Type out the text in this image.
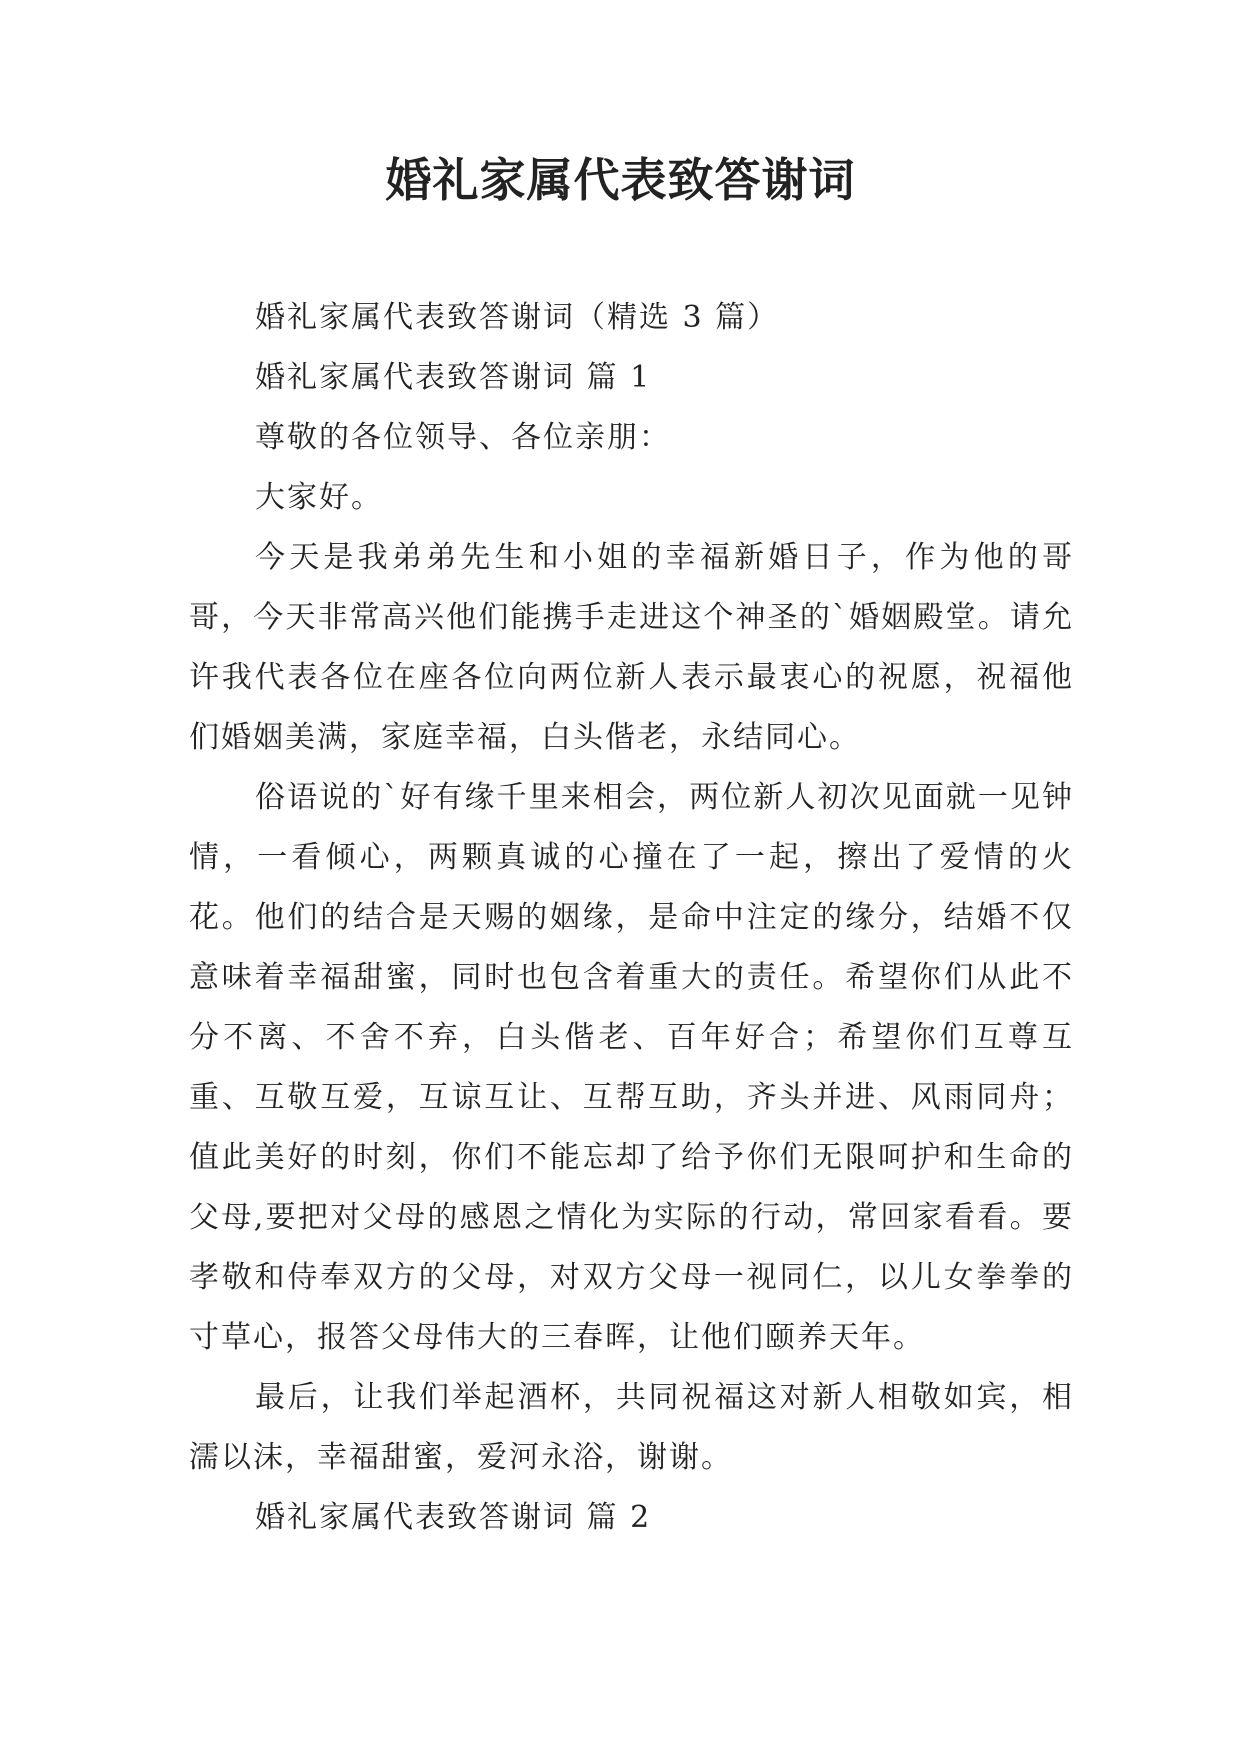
婚礼家属代表致答谢词

婚礼家属代表致答谢词（精选 3 篇）

婚礼家属代表致答谢词 篇 1

尊敬的各位领导、各位亲朋：

大家好。

今天是我弟弟先生和小姐的幸福新婚日子，作为他的哥哥，今天非常高兴他们能携手走进这个神圣的`婚姻殿堂。请允许我代表各位在座各位向两位新人表示最衷心的祝愿，祝福他们婚姻美满，家庭幸福，白头偕老，永结同心。

俗语说的`好有缘千里来相会，两位新人初次见面就一见钟情，一看倾心，两颗真诚的心撞在了一起，擦出了爱情的火花。他们的结合是天赐的姻缘，是命中注定的缘分，结婚不仅意味着幸福甜蜜，同时也包含着重大的责任。希望你们从此不分不离、不舍不弃，白头偕老、百年好合；希望你们互尊互重、互敬互爱，互谅互让、互帮互助，齐头并进、风雨同舟；值此美好的时刻，你们不能忘却了给予你们无限呵护和生命的父母,要把对父母的感恩之情化为实际的行动，常回家看看。要孝敬和侍奉双方的父母，对双方父母一视同仁，以儿女拳拳的寸草心，报答父母伟大的三春晖，让他们颐养天年。

最后，让我们举起酒杯，共同祝福这对新人相敬如宾，相濡以沫，幸福甜蜜，爱河永浴，谢谢。

婚礼家属代表致答谢词 篇 2
